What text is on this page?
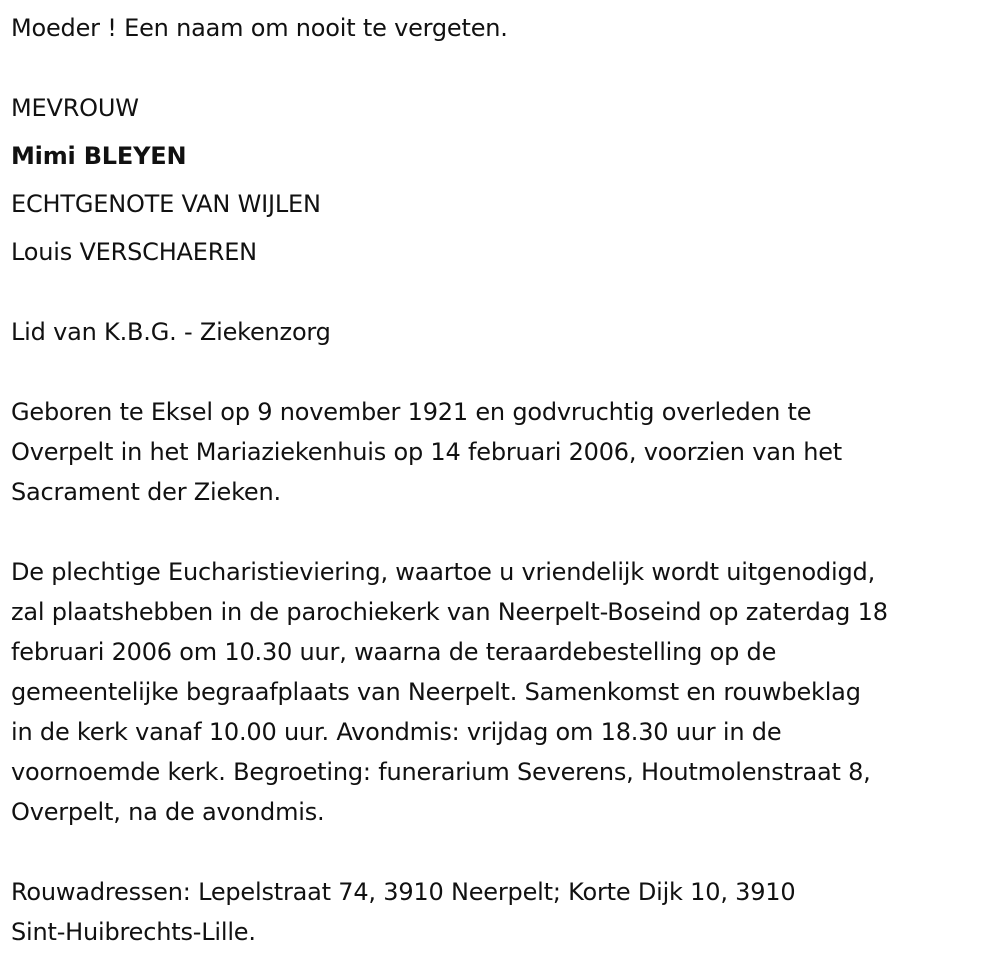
Moeder ! Een naam om nooit te vergeten.
MEVROUW
Mimi BLEYEN
ECHTGENOTE VAN WIJLEN
Louis VERSCHAEREN
Lid van K.B.G. - Ziekenzorg
Geboren te Eksel op 9 november 1921 en godvruchtig overleden te
Overpelt in het Mariaziekenhuis op 14 februari 2006, voorzien van het
Sacrament der Zieken.
De plechtige Eucharistieviering, waartoe u vriendelijk wordt uitgenodigd,
zal plaatshebben in de parochiekerk van Neerpelt-Boseind op zaterdag 18
februari 2006 om 10.30 uur, waarna de teraardebestelling op de
gemeentelijke begraafplaats van Neerpelt. Samenkomst en rouwbeklag
in de kerk vanaf 10.00 uur. Avondmis: vrijdag om 18.30 uur in de
voornoemde kerk. Begroeting: funerarium Severens, Houtmolenstraat 8,
Overpelt, na de avondmis.
Rouwadressen: Lepelstraat 74, 3910 Neerpelt; Korte Dijk 10, 3910
Sint-Huibrechts-Lille.
